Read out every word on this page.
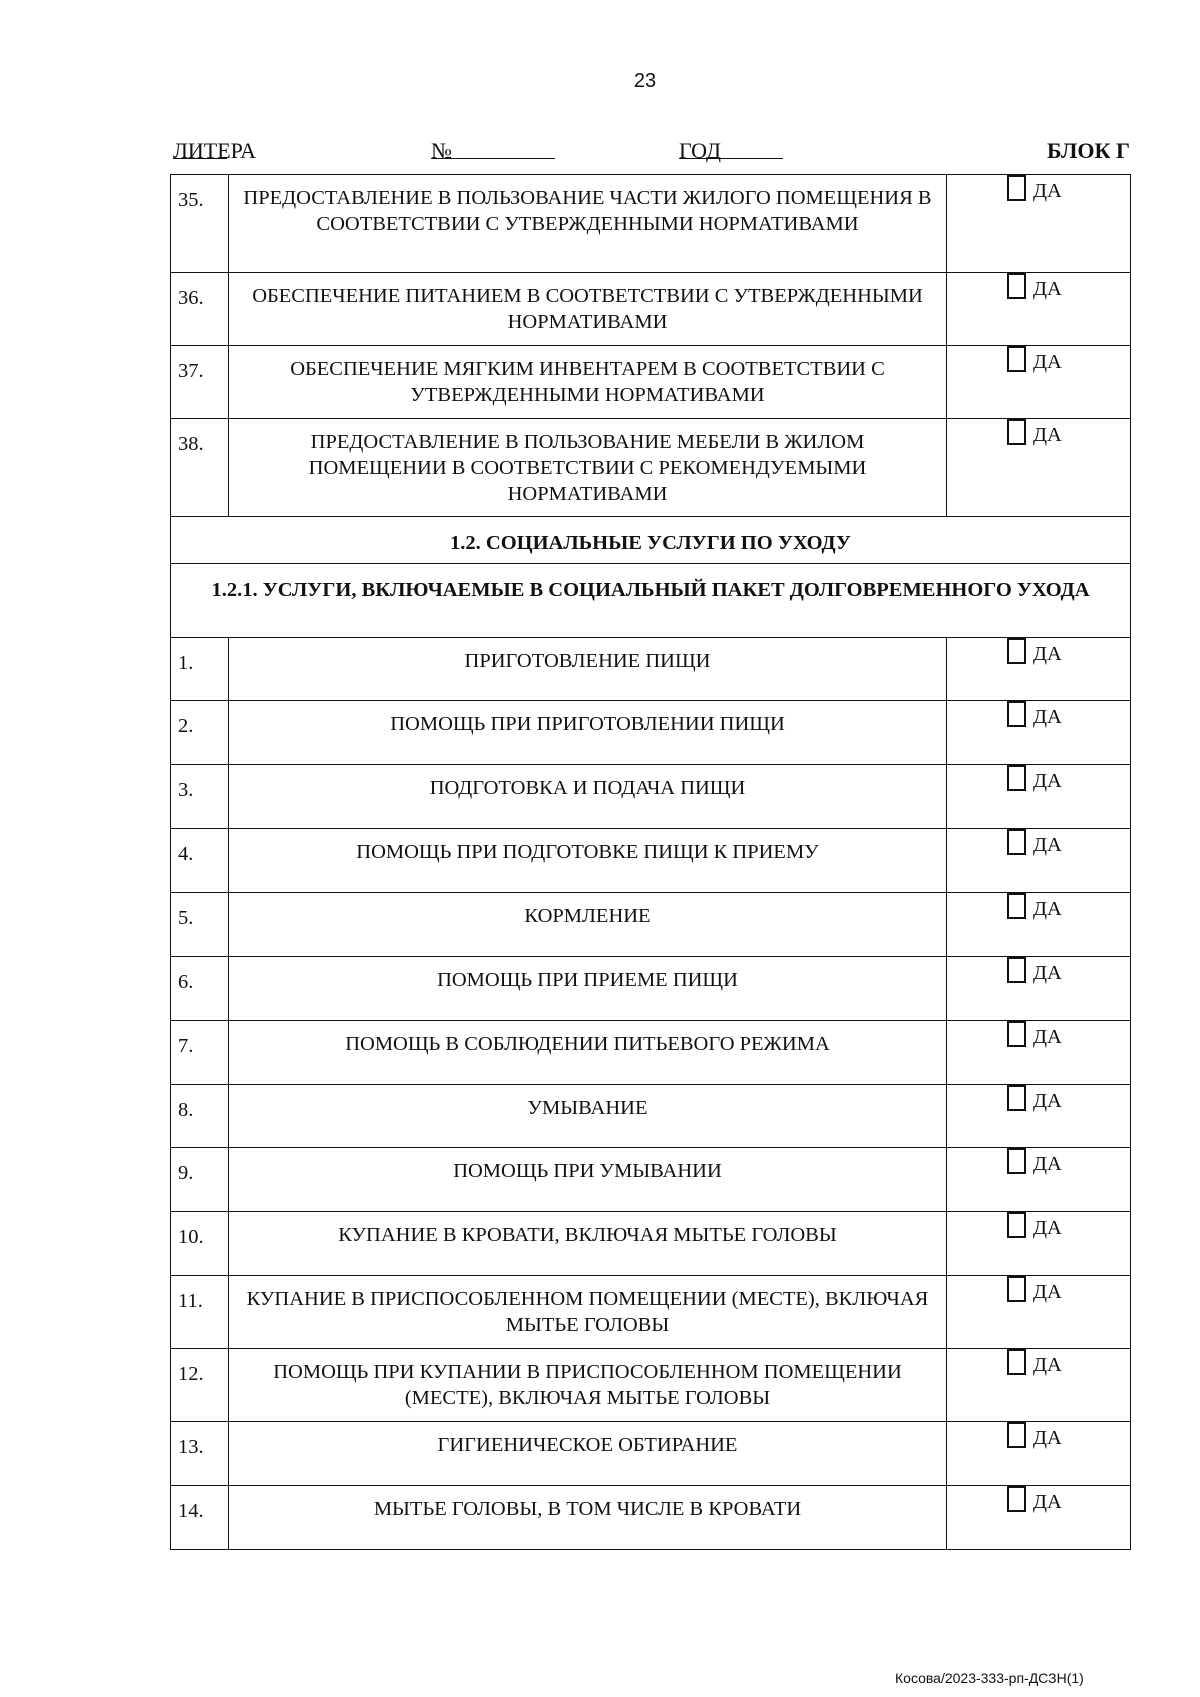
23
ЛИТЕРА	№	ГОД	БЛОК Г
35.	ПРЕДОСТАВЛЕНИЕ В ПОЛЬЗОВАНИЕ ЧАСТИ ЖИЛОГО ПОМЕЩЕНИЯ В СООТВЕТСТВИИ С УТВЕРЖДЕННЫМИ НОРМАТИВАМИ	ДА

36.	ОБЕСПЕЧЕНИЕ ПИТАНИЕМ В СООТВЕТСТВИИ С УТВЕРЖДЕННЫМИ НОРМАТИВАМИ	ДА

37.	ОБЕСПЕЧЕНИЕ МЯГКИМ ИНВЕНТАРЕМ В СООТВЕТСТВИИ С УТВЕРЖДЕННЫМИ НОРМАТИВАМИ	ДА

38.	ПРЕДОСТАВЛЕНИЕ В ПОЛЬЗОВАНИЕ МЕБЕЛИ В ЖИЛОМ ПОМЕЩЕНИИ В СООТВЕТСТВИИ С РЕКОМЕНДУЕМЫМИ НОРМАТИВАМИ	ДА

1.2. СОЦИАЛЬНЫЕ УСЛУГИ ПО УХОДУ		
1.2.1. УСЛУГИ, ВКЛЮЧАЕМЫЕ В СОЦИАЛЬНЫЙ ПАКЕТ ДОЛГОВРЕМЕННОГО УХОДА		
1.	ПРИГОТОВЛЕНИЕ ПИЩИ	ДА

2.	ПОМОЩЬ ПРИ ПРИГОТОВЛЕНИИ ПИЩИ	ДА

3.	ПОДГОТОВКА И ПОДАЧА ПИЩИ	ДА

4.	ПОМОЩЬ ПРИ ПОДГОТОВКЕ ПИЩИ К ПРИЕМУ	ДА

5.	КОРМЛЕНИЕ	ДА

6.	ПОМОЩЬ ПРИ ПРИЕМЕ ПИЩИ	ДА

7.	ПОМОЩЬ В СОБЛЮДЕНИИ ПИТЬЕВОГО РЕЖИМА	ДА

8.	УМЫВАНИЕ	ДА

9.	ПОМОЩЬ ПРИ УМЫВАНИИ	ДА

10.	КУПАНИЕ В КРОВАТИ, ВКЛЮЧАЯ МЫТЬЕ ГОЛОВЫ	ДА

11.	КУПАНИЕ В ПРИСПОСОБЛЕННОМ ПОМЕЩЕНИИ (МЕСТЕ), ВКЛЮЧАЯ МЫТЬЕ ГОЛОВЫ	ДА

12.	ПОМОЩЬ ПРИ КУПАНИИ В ПРИСПОСОБЛЕННОМ ПОМЕЩЕНИИ (МЕСТЕ), ВКЛЮЧАЯ МЫТЬЕ ГОЛОВЫ	ДА

13.	ГИГИЕНИЧЕСКОЕ ОБТИРАНИЕ	ДА

14.	МЫТЬЕ ГОЛОВЫ, В ТОМ ЧИСЛЕ В КРОВАТИ	ДА
Косова/2023-333-рп-ДСЗН(1)
